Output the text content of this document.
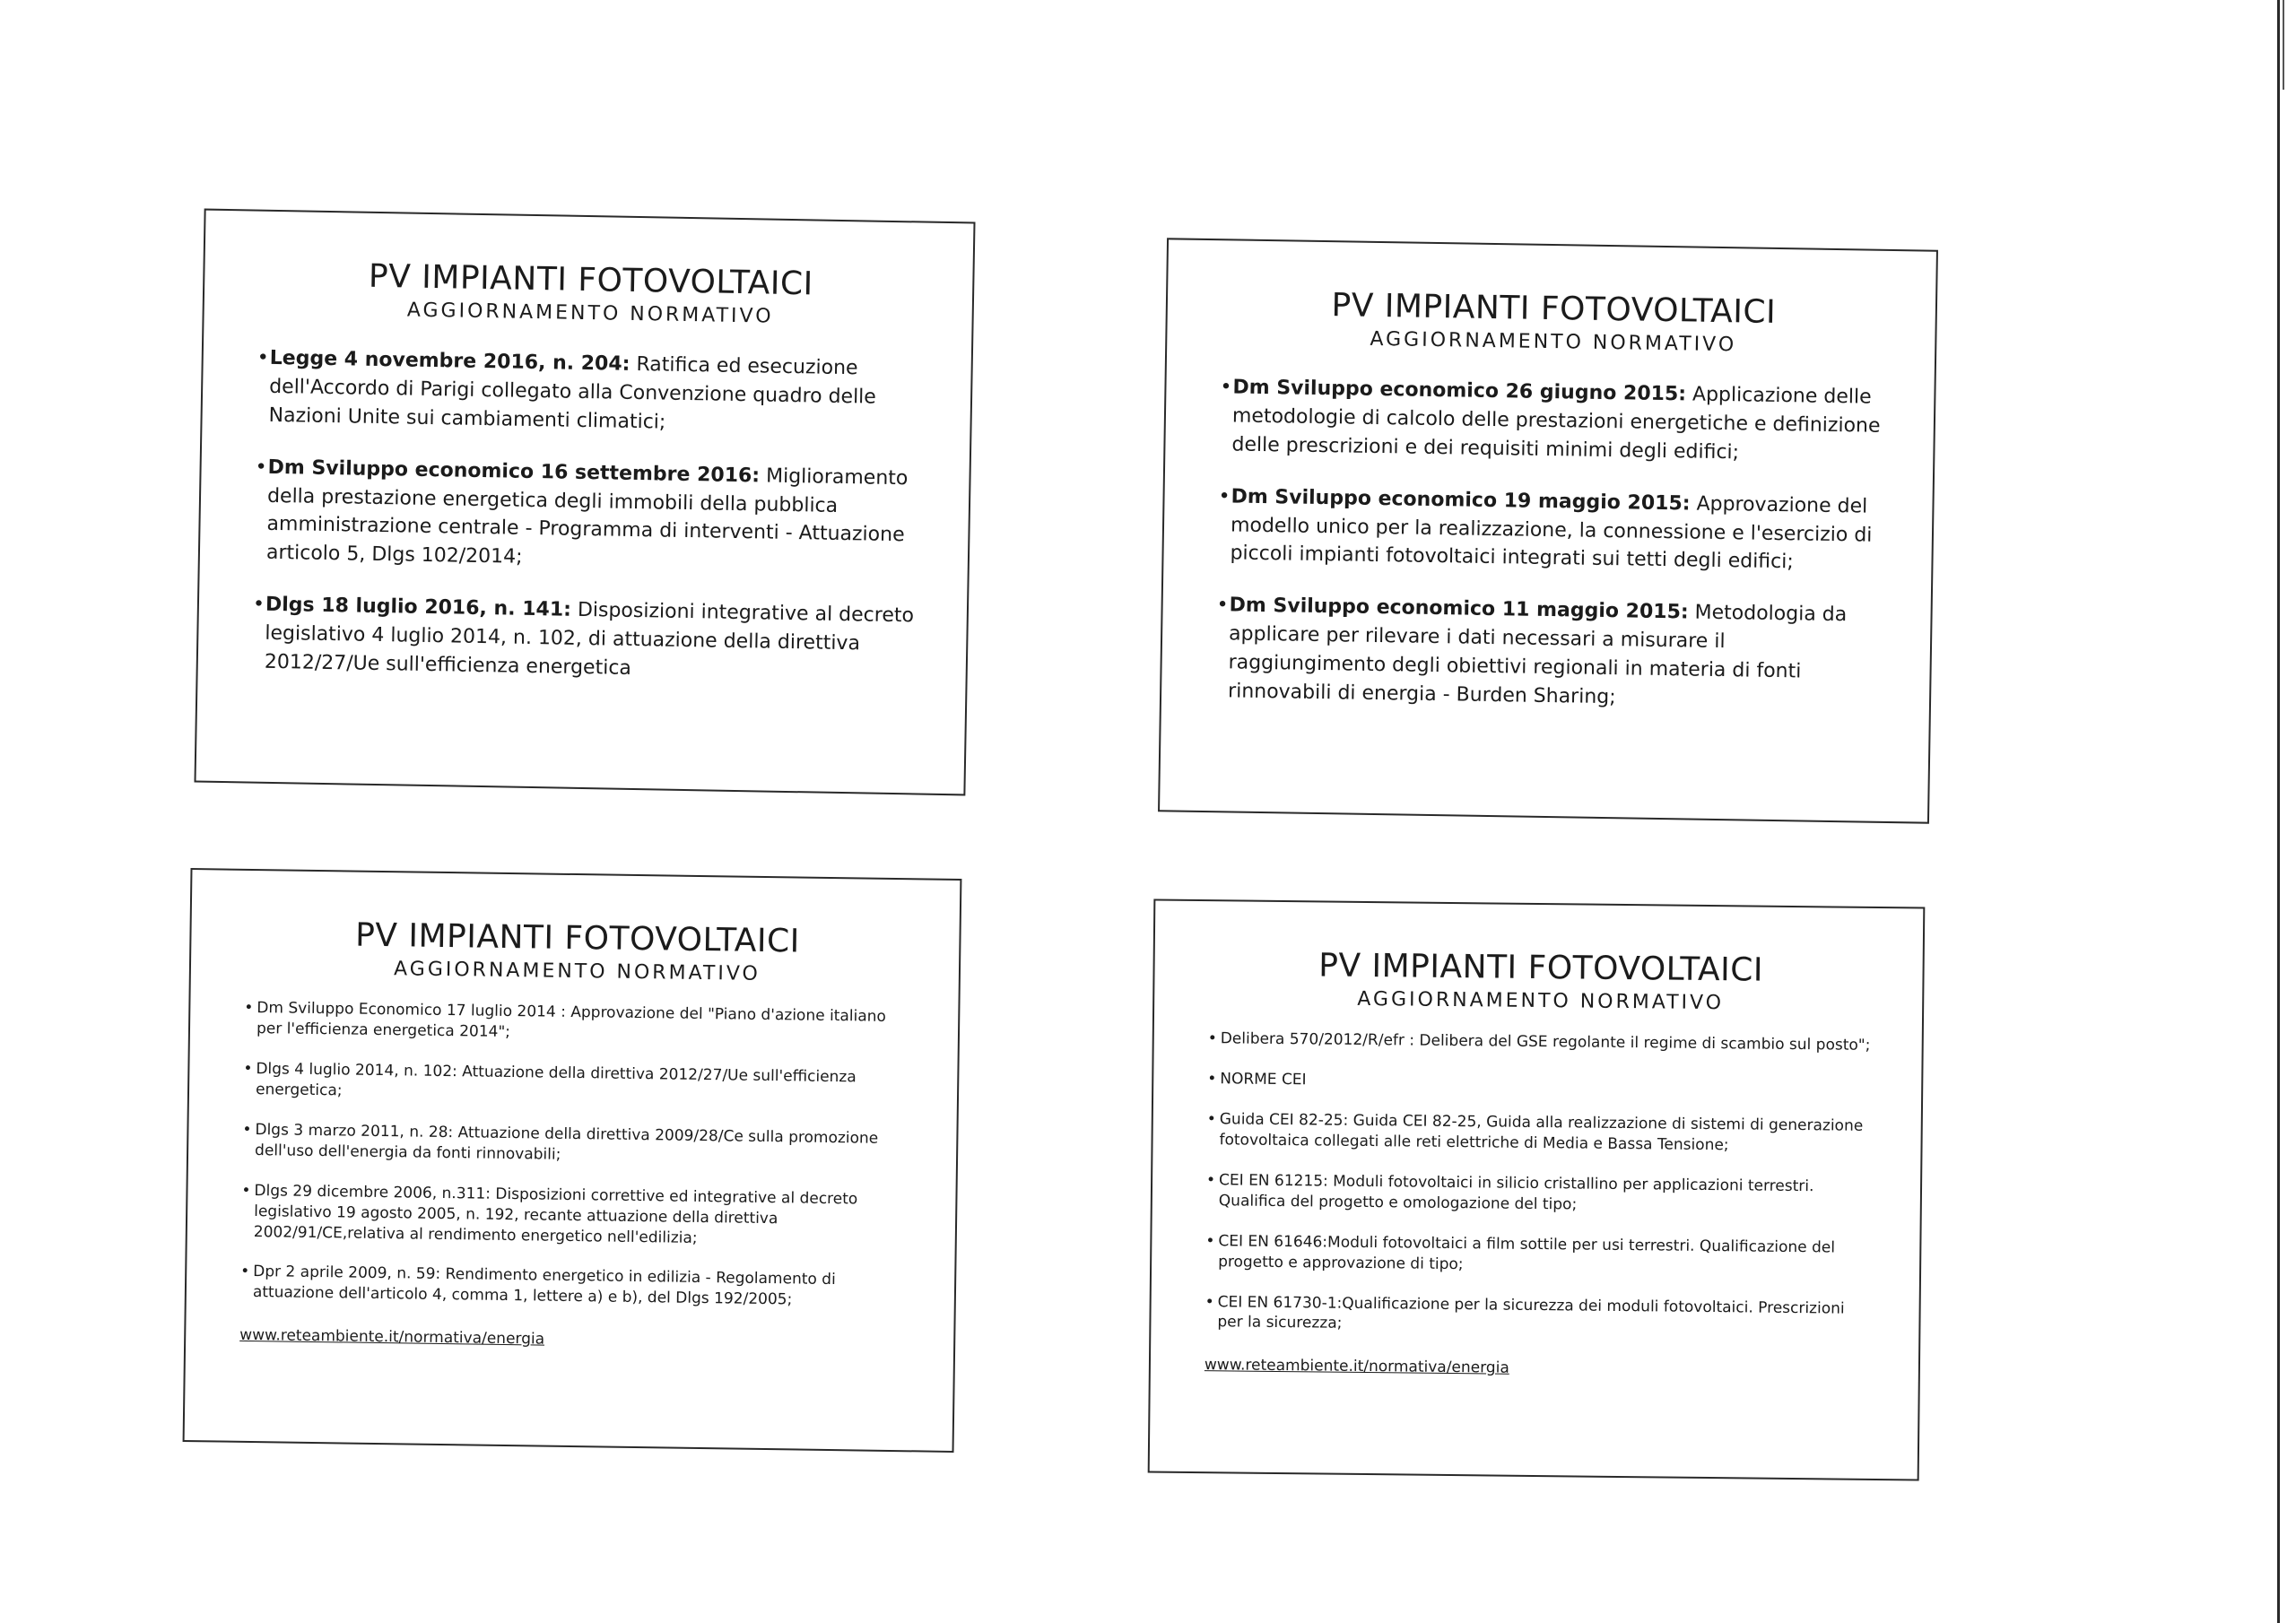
PV IMPIANTI FOTOVOLTAICI
AGGIORNAMENTO NORMATIVO
• Legge 4 novembre 2016, n. 204: Ratifica ed esecuzione dell'Accordo di Parigi collegato alla Convenzione quadro delle Nazioni Unite sui cambiamenti climatici;
• Dm Sviluppo economico 16 settembre 2016: Miglioramento della prestazione energetica degli immobili della pubblica amministrazione centrale - Programma di interventi - Attuazione articolo 5, Dlgs 102/2014;
• Dlgs 18 luglio 2016, n. 141: Disposizioni integrative al decreto legislativo 4 luglio 2014, n. 102, di attuazione della direttiva 2012/27/Ue sull'efficienza energetica
PV IMPIANTI FOTOVOLTAICI
AGGIORNAMENTO NORMATIVO
• Dm Sviluppo economico 26 giugno 2015: Applicazione delle metodologie di calcolo delle prestazioni energetiche e definizione delle prescrizioni e dei requisiti minimi degli edifici;
• Dm Sviluppo economico 19 maggio 2015: Approvazione del modello unico per la realizzazione, la connessione e l'esercizio di piccoli impianti fotovoltaici integrati sui tetti degli edifici;
• Dm Sviluppo economico 11 maggio 2015: Metodologia da applicare per rilevare i dati necessari a misurare il raggiungimento degli obiettivi regionali in materia di fonti rinnovabili di energia - Burden Sharing;
PV IMPIANTI FOTOVOLTAICI
AGGIORNAMENTO NORMATIVO
• Dm Sviluppo Economico 17 luglio 2014 : Approvazione del "Piano d'azione italiano per l'efficienza energetica 2014";
• Dlgs 4 luglio 2014, n. 102: Attuazione della direttiva 2012/27/Ue sull'efficienza energetica;
• Dlgs 3 marzo 2011, n. 28: Attuazione della direttiva 2009/28/Ce sulla promozione dell'uso dell'energia da fonti rinnovabili;
• Dlgs 29 dicembre 2006, n.311: Disposizioni correttive ed integrative al decreto legislativo 19 agosto 2005, n. 192, recante attuazione della direttiva 2002/91/CE,relativa al rendimento energetico nell'edilizia;
• Dpr 2 aprile 2009, n. 59: Rendimento energetico in edilizia - Regolamento di attuazione dell'articolo 4, comma 1, lettere a) e b), del Dlgs 192/2005;
www.reteambiente.it/normativa/energia
PV IMPIANTI FOTOVOLTAICI
AGGIORNAMENTO NORMATIVO
• Delibera 570/2012/R/efr : Delibera del GSE regolante il regime di scambio sul posto";
• NORME CEI
• Guida CEI 82-25: Guida CEI 82-25, Guida alla realizzazione di sistemi di generazione fotovoltaica collegati alle reti elettriche di Media e Bassa Tensione;
• CEI EN 61215: Moduli fotovoltaici in silicio cristallino per applicazioni terrestri. Qualifica del progetto e omologazione del tipo;
• CEI EN 61646:Moduli fotovoltaici a film sottile per usi terrestri. Qualificazione del progetto e approvazione di tipo;
• CEI EN 61730-1:Qualificazione per la sicurezza dei moduli fotovoltaici. Prescrizioni per la sicurezza;
www.reteambiente.it/normativa/energia
